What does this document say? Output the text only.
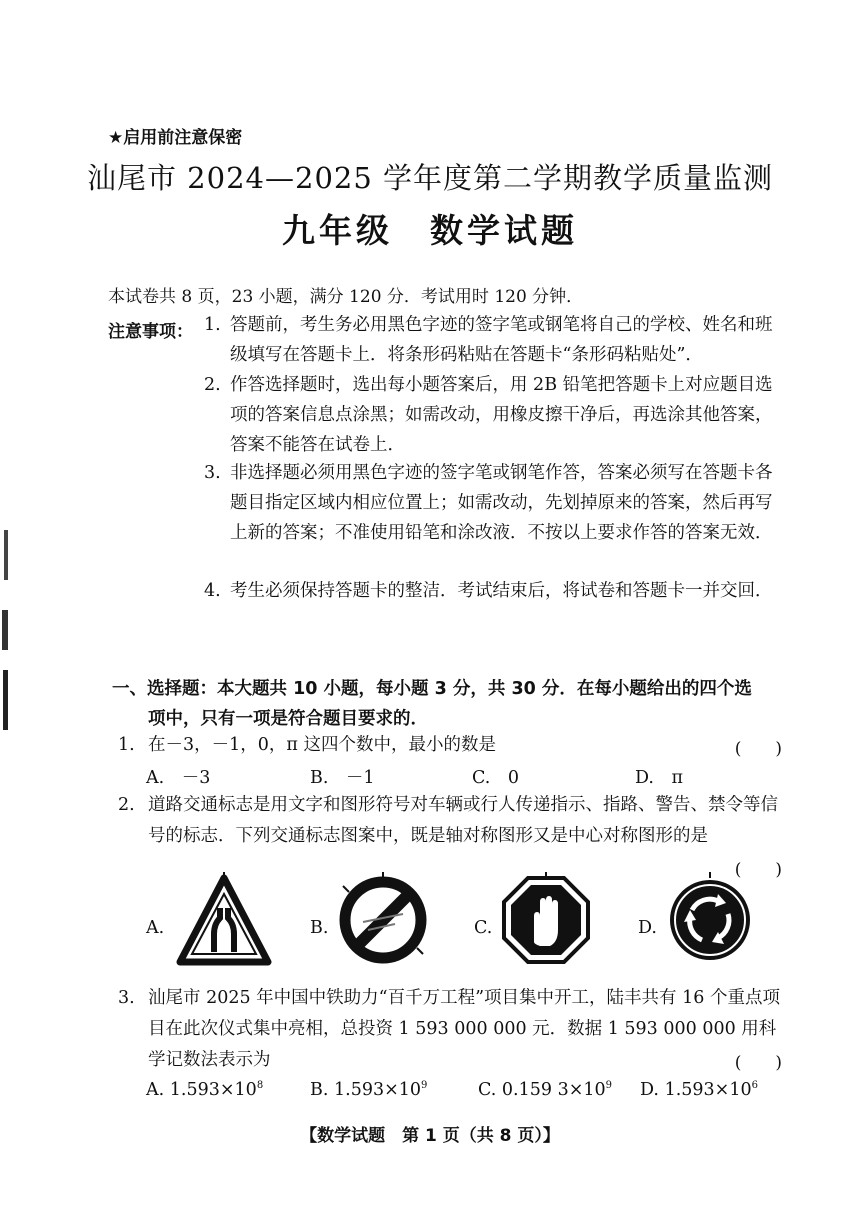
★启用前注意保密
汕尾市 2024—2025 学年度第二学期教学质量监测
九年级　数学试题
本试卷共 8 页，23 小题，满分 120 分．考试用时 120 分钟．
注意事项： 1. 答题前，考生务必用黑色字迹的签字笔或钢笔将自己的学校、姓名和班级填写在答题卡上．将条形码粘贴在答题卡“条形码粘贴处”．
2. 作答选择题时，选出每小题答案后，用 2B 铅笔把答题卡上对应题目选项的答案信息点涂黑；如需改动，用橡皮擦干净后，再选涂其他答案，答案不能答在试卷上．
3. 非选择题必须用黑色字迹的签字笔或钢笔作答，答案必须写在答题卡各题目指定区域内相应位置上；如需改动，先划掉原来的答案，然后再写上新的答案；不准使用铅笔和涂改液．不按以上要求作答的答案无效．
4. 考生必须保持答题卡的整洁．考试结束后，将试卷和答题卡一并交回．
一、选择题：本大题共 10 小题，每小题 3 分，共 30 分．在每小题给出的四个选
项中，只有一项是符合题目要求的．
1. 在－3，－1，0，π 这四个数中，最小的数是	(　　)
A.　－3	B.　－1	C.　0	D.　π
2. 道路交通标志是用文字和图形符号对车辆或行人传递指示、指路、警告、禁令等信号的标志．下列交通标志图案中，既是轴对称图形又是中心对称图形的是
(　　)
A.	B.	C.	D.
3. 汕尾市 2025 年中国中铁助力“百千万工程”项目集中开工，陆丰共有 16 个重点项目在此次仪式集中亮相，总投资 1 593 000 000 元．数据 1 593 000 000 用科学记数法表示为	(　　)
A. $1.593\times 10^8$	B. $1.593\times 10^9$	C. 0.159 $3\times 10^9$ D. $1.593\times 10^6$
【数学试题　第 1 页（共 8 页）】
